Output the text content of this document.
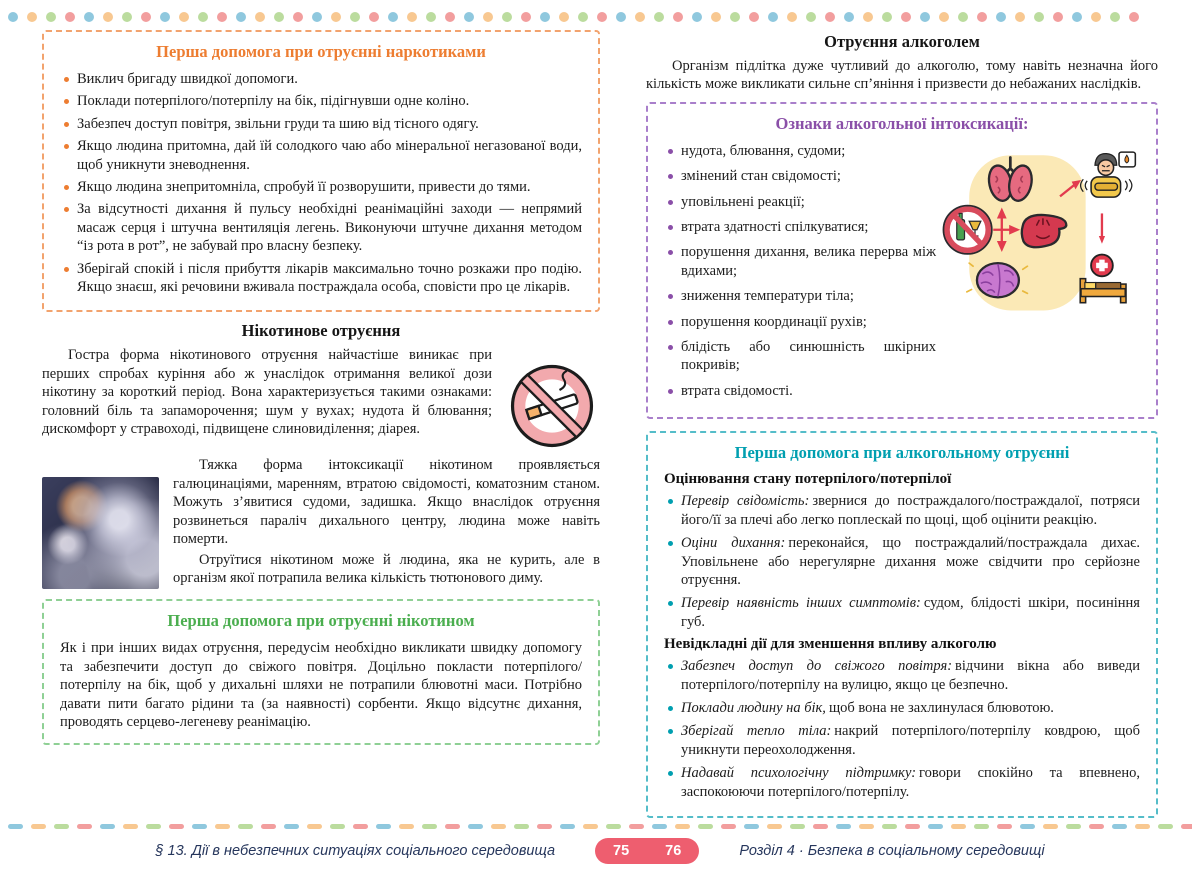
Перша допомога при отруєнні наркотиками
Виклич бригаду швидкої допомоги.
Поклади потерпілого/потерпілу на бік, підігнувши одне коліно.
Забезпеч доступ повітря, звільни груди та шию від тісного одягу.
Якщо людина притомна, дай їй солодкого чаю або мінеральної негазованої води, щоб уникнути зневоднення.
Якщо людина знепритомніла, спробуй її розворушити, привести до тями.
За відсутності дихання й пульсу необхідні реанімаційні заходи — непрямий масаж серця і штучна вентиляція легень. Виконуючи штучне дихання методом “із рота в рот”, не забувай про власну безпеку.
Зберігай спокій і після прибуття лікарів максимально точно розкажи про подію. Якщо знаєш, які речовини вживала постраждала особа, сповісти про це лікарів.
Нікотинове отруєння

Гостра форма нікотинового отруєння найчастіше виникає при перших спробах куріння або ж унаслідок отримання великої дози нікотину за короткий період. Вона характеризується такими ознаками: головний біль та запаморочення; шум у вухах; нудота й блювання; дискомфорт у стравоході, підвищене слиновиділення; діарея.

Тяжка форма інтоксикації нікотином проявляється галюцинаціями, маренням, втратою свідомості, коматозним станом. Можуть з’явитися судоми, задишка. Якщо внаслідок отруєння розвинеться параліч дихального центру, людина може навіть померти.

Отруїтися нікотином може й людина, яка не курить, але в організм якої потрапила велика кількість тютюнового диму.

Перша допомога при отруєнні нікотином

Як і при інших видах отруєння, передусім необхідно викликати швидку допомогу та забезпечити доступ до свіжого повітря. Доцільно покласти потерпілого/потерпілу на бік, щоб у дихальні шляхи не потрапили блювотні маси. Потрібно давати пити багато рідини та (за наявності) сорбенти. Якщо відсутнє дихання, проводять серцево-легеневу реанімацію.

Отруєння алкоголем

Організм підлітка дуже чутливий до алкоголю, тому навіть незначна його кількість може викликати сильне сп’яніння і призвести до небажаних наслідків.

Ознаки алкогольної інтоксикації:
нудота, блювання, судоми;
змінений стан свідомості;
уповільнені реакції;
втрата здатності спілкуватися;
порушення дихання, велика перерва між вдихами;
зниження температури тіла;
порушення координації рухів;
блідість або синюшність шкірних покривів;
втрата свідомості.
Перша допомога при алкогольному отруєнні
Оцінювання стану потерпілого/потерпілої
Перевір свідомість: звернися до постраждалого/постраждалої, потряси його/її за плечі або легко поплескай по щоці, щоб оцінити реакцію.
Оціни дихання: переконайся, що постраждалий/постраждала дихає. Уповільнене або нерегулярне дихання може свідчити про серйозне отруєння.
Перевір наявність інших симптомів: судом, блідості шкіри, посиніння губ.
Невідкладні дії для зменшення впливу алкоголю
Забезпеч доступ до свіжого повітря: відчини вікна або виведи потерпілого/потерпілу на вулицю, якщо це безпечно.
Поклади людину на бік, щоб вона не захлинулася блювотою.
Зберігай тепло тіла: накрий потерпілого/потерпілу ковдрою, щоб уникнути переохолодження.
Надавай психологічну підтримку: говори спокійно та впевнено, заспокоюючи потерпілого/потерпілу.
§ 13. Дії в небезпечних ситуаціях соціального середовища	75 76	Розділ 4 · Безпека в соціальному середовищі
